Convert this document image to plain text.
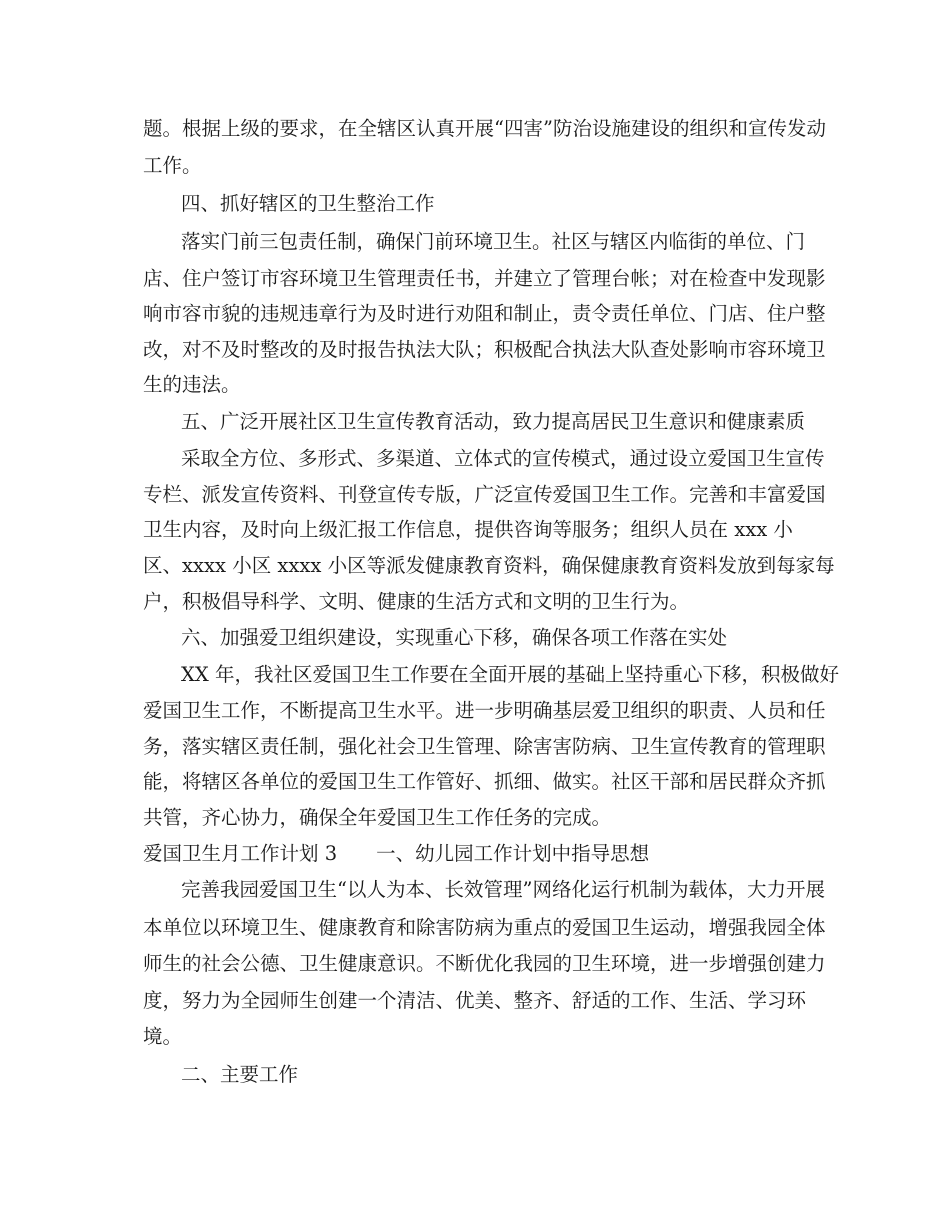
题。根据上级的要求，在全辖区认真开展“四害”防治设施建设的组织和宣传发动
工作。
四、抓好辖区的卫生整治工作
落实门前三包责任制，确保门前环境卫生。社区与辖区内临街的单位、门
店、住户签订市容环境卫生管理责任书，并建立了管理台帐；对在检查中发现影
响市容市貌的违规违章行为及时进行劝阻和制止，责令责任单位、门店、住户整
改，对不及时整改的及时报告执法大队；积极配合执法大队查处影响市容环境卫
生的违法。
五、广泛开展社区卫生宣传教育活动，致力提高居民卫生意识和健康素质
采取全方位、多形式、多渠道、立体式的宣传模式，通过设立爱国卫生宣传
专栏、派发宣传资料、刊登宣传专版，广泛宣传爱国卫生工作。完善和丰富爱国
卫生内容，及时向上级汇报工作信息，提供咨询等服务；组织人员在 xxx 小
区、xxxx 小区 xxxx 小区等派发健康教育资料，确保健康教育资料发放到每家每
户，积极倡导科学、文明、健康的生活方式和文明的卫生行为。
六、加强爱卫组织建设，实现重心下移，确保各项工作落在实处
XX 年，我社区爱国卫生工作要在全面开展的基础上坚持重心下移，积极做好
爱国卫生工作，不断提高卫生水平。进一步明确基层爱卫组织的职责、人员和任
务，落实辖区责任制，强化社会卫生管理、除害害防病、卫生宣传教育的管理职
能，将辖区各单位的爱国卫生工作管好、抓细、做实。社区干部和居民群众齐抓
共管，齐心协力，确保全年爱国卫生工作任务的完成。
爱国卫生月工作计划 3　　一、幼儿园工作计划中指导思想
完善我园爱国卫生“以人为本、长效管理”网络化运行机制为载体，大力开展
本单位以环境卫生、健康教育和除害防病为重点的爱国卫生运动，增强我园全体
师生的社会公德、卫生健康意识。不断优化我园的卫生环境，进一步增强创建力
度，努力为全园师生创建一个清洁、优美、整齐、舒适的工作、生活、学习环
境。
二、主要工作
